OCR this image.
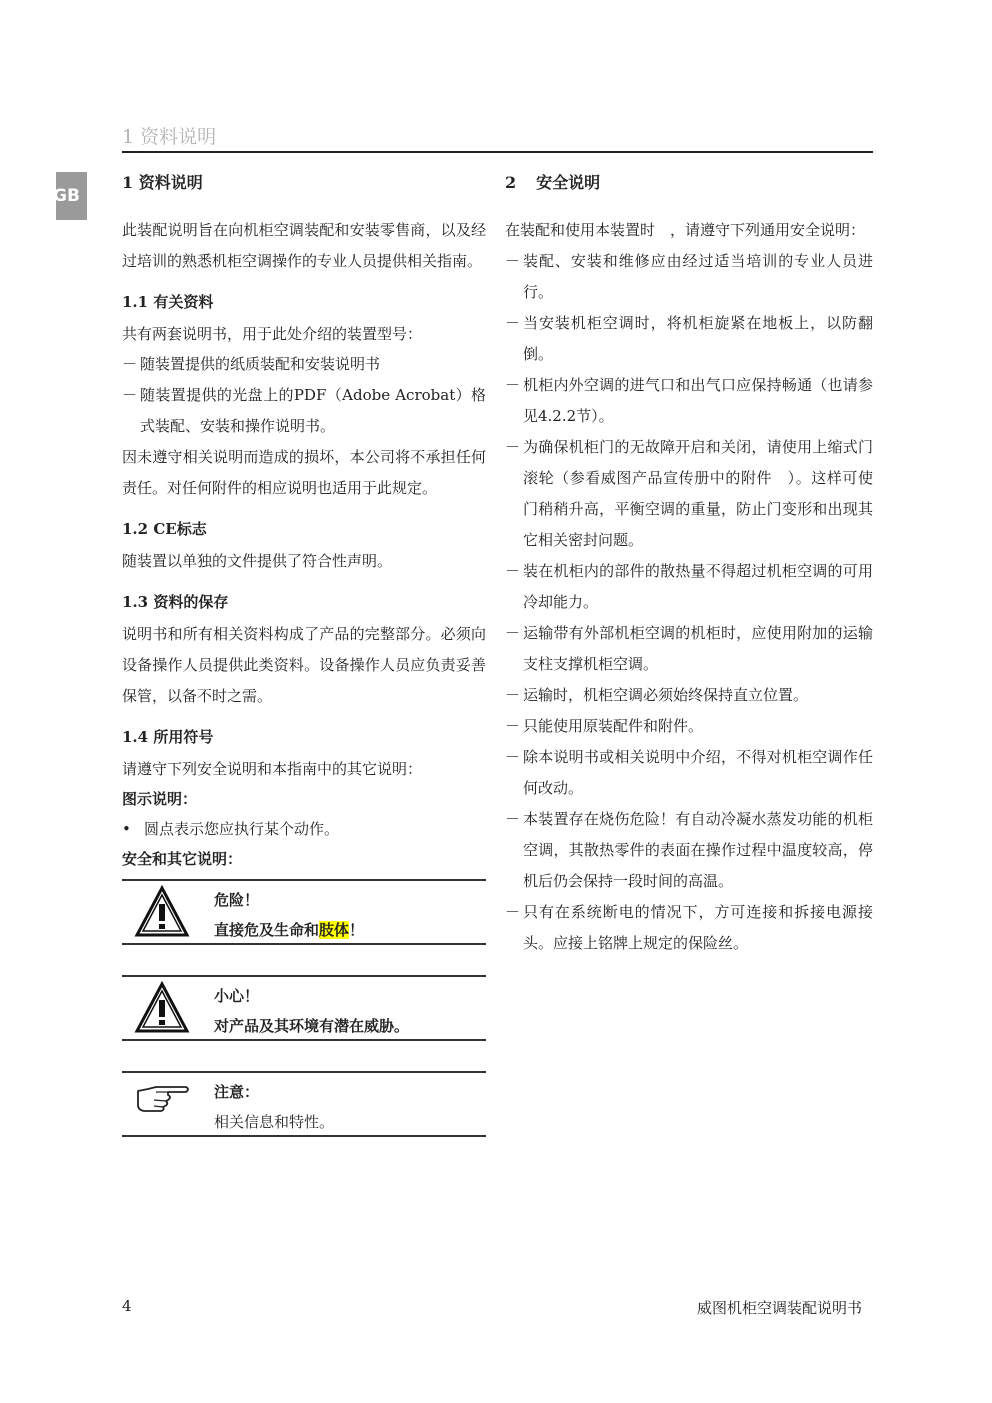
1 资料说明
GB
1 资料说明

此装配说明旨在向机柜空调装配和安装零售商，以及经过培训的熟悉机柜空调操作的专业人员提供相关指南。

1.1 有关资料

共有两套说明书，用于此处介绍的装置型号：

－ 随装置提供的纸质装配和安装说明书
－ 随装置提供的光盘上的PDF（Adobe Acrobat）格式装配、安装和操作说明书。

因未遵守相关说明而造成的损坏，本公司将不承担任何责任。对任何附件的相应说明也适用于此规定。

1.2 CE标志

随装置以单独的文件提供了符合性声明。

1.3 资料的保存

说明书和所有相关资料构成了产品的完整部分。必须向设备操作人员提供此类资料。设备操作人员应负责妥善保管，以备不时之需。

1.4 所用符号

请遵守下列安全说明和本指南中的其它说明：

图示说明：

• 圆点表示您应执行某个动作。

安全和其它说明：

危险！
直接危及生命和肢体！
小心！
对产品及其环境有潜在威胁。
注意：
相关信息和特性。
2 安全说明

在装配和使用本装置时　，请遵守下列通用安全说明：

－ 装配、安装和维修应由经过适当培训的专业人员进行。
－ 当安装机柜空调时，将机柜旋紧在地板上，以防翻倒。
－ 机柜内外空调的进气口和出气口应保持畅通（也请参见4.2.2节）。
－ 为确保机柜门的无故障开启和关闭，请使用上缩式门滚轮（参看威图产品宣传册中的附件　）。这样可使门稍稍升高，平衡空调的重量，防止门变形和出现其它相关密封问题。
－ 装在机柜内的部件的散热量不得超过机柜空调的可用冷却能力。
－ 运输带有外部机柜空调的机柜时，应使用附加的运输支柱支撑机柜空调。
－ 运输时，机柜空调必须始终保持直立位置。
－ 只能使用原装配件和附件。
－ 除本说明书或相关说明中介绍，不得对机柜空调作任何改动。
－ 本装置存在烧伤危险！有自动冷凝水蒸发功能的机柜空调，其散热零件的表面在操作过程中温度较高，停机后仍会保持一段时间的高温。
－ 只有在系统断电的情况下，方可连接和拆接电源接头。应接上铭牌上规定的保险丝。
4	威图机柜空调装配说明书
